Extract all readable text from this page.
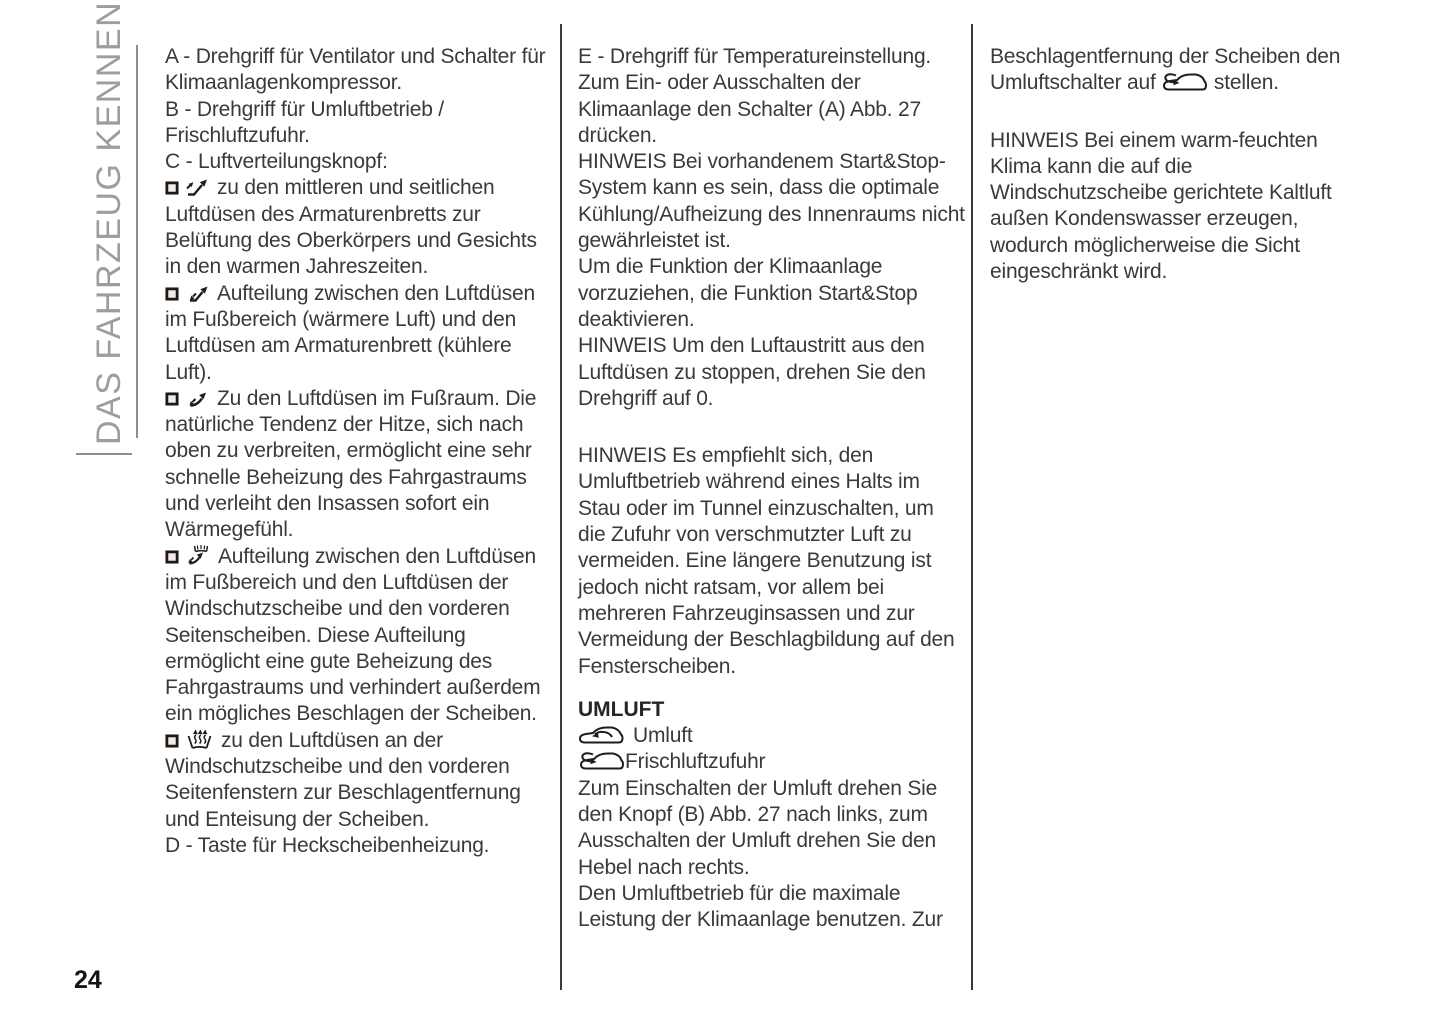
DAS FAHRZEUG KENNEN A - Drehgriff für Ventilator und Schalter für Klimaanlagenkompressor.

B - Drehgriff für Umluftbetrieb / Frischluftzufuhr.

C - Luftverteilungsknopf:

zu den mittleren und seitlichen Luftdüsen des Armaturenbretts zur Belüftung des Oberkörpers und Gesichts in den warmen Jahreszeiten.

Aufteilung zwischen den Luftdüsen im Fußbereich (wärmere Luft) und den Luftdüsen am Armaturenbrett (kühlere Luft).

Zu den Luftdüsen im Fußraum. Die natürliche Tendenz der Hitze, sich nach oben zu verbreiten, ermöglicht eine sehr schnelle Beheizung des Fahrgastraums und verleiht den Insassen sofort ein Wärmegefühl.

Aufteilung zwischen den Luftdüsen im Fußbereich und den Luftdüsen der Windschutzscheibe und den vorderen Seitenscheiben. Diese Aufteilung ermöglicht eine gute Beheizung des Fahrgastraums und verhindert außerdem ein mögliches Beschlagen der Scheiben.

zu den Luftdüsen an der Windschutzscheibe und den vorderen Seitenfenstern zur Beschlagentfernung und Enteisung der Scheiben.

D - Taste für Heckscheibenheizung.

E - Drehgriff für Temperatureinstellung.

Zum Ein- oder Ausschalten der Klimaanlage den Schalter (A) Abb. 27 drücken.

HINWEIS Bei vorhandenem Start&Stop-System kann es sein, dass die optimale Kühlung/Aufheizung des Innenraums nicht gewährleistet ist.

Um die Funktion der Klimaanlage vorzuziehen, die Funktion Start&Stop deaktivieren.

HINWEIS Um den Luftaustritt aus den Luftdüsen zu stoppen, drehen Sie den Drehgriff auf 0.

HINWEIS Es empfiehlt sich, den Umluftbetrieb während eines Halts im Stau oder im Tunnel einzuschalten, um die Zufuhr von verschmutzter Luft zu vermeiden. Eine längere Benutzung ist jedoch nicht ratsam, vor allem bei mehreren Fahrzeuginsassen und zur Vermeidung der Beschlagbildung auf den Fensterscheiben.

UMLUFT

Umluft

Frischluftzufuhr

Zum Einschalten der Umluft drehen Sie den Knopf (B) Abb. 27 nach links, zum Ausschalten der Umluft drehen Sie den Hebel nach rechts.

Den Umluftbetrieb für die maximale Leistung der Klimaanlage benutzen. Zur

Beschlagentfernung der Scheiben den Umluftschalter auf
stellen.

HINWEIS Bei einem warm-feuchten Klima kann die auf die Windschutzscheibe gerichtete Kaltluft außen Kondenswasser erzeugen, wodurch möglicherweise die Sicht eingeschränkt wird.

24
